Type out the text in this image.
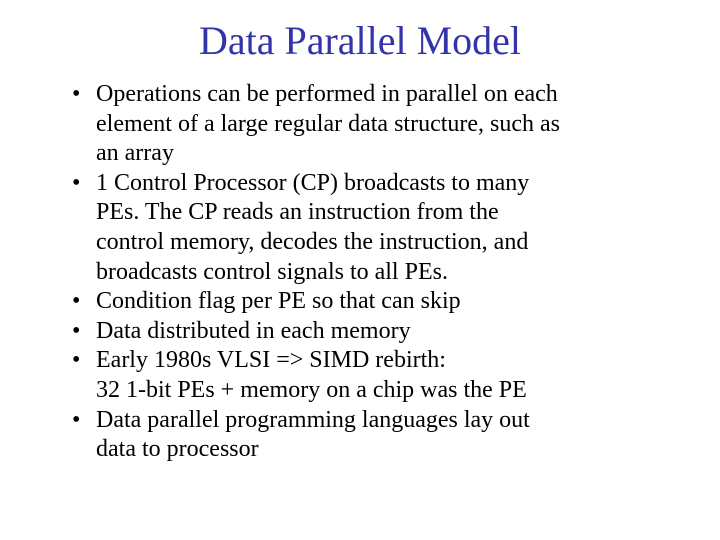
Data Parallel Model
• Operations can be performed in parallel on each
element of a large regular data structure, such as
an array
• 1 Control Processor (CP) broadcasts to many
PEs. The CP reads an instruction from the
control memory, decodes the instruction, and
broadcasts control signals to all PEs.
• Condition flag per PE so that can skip
• Data distributed in each memory
• Early 1980s VLSI => SIMD rebirth:
32 1-bit PEs + memory on a chip was the PE
• Data parallel programming languages lay out
data to processor
